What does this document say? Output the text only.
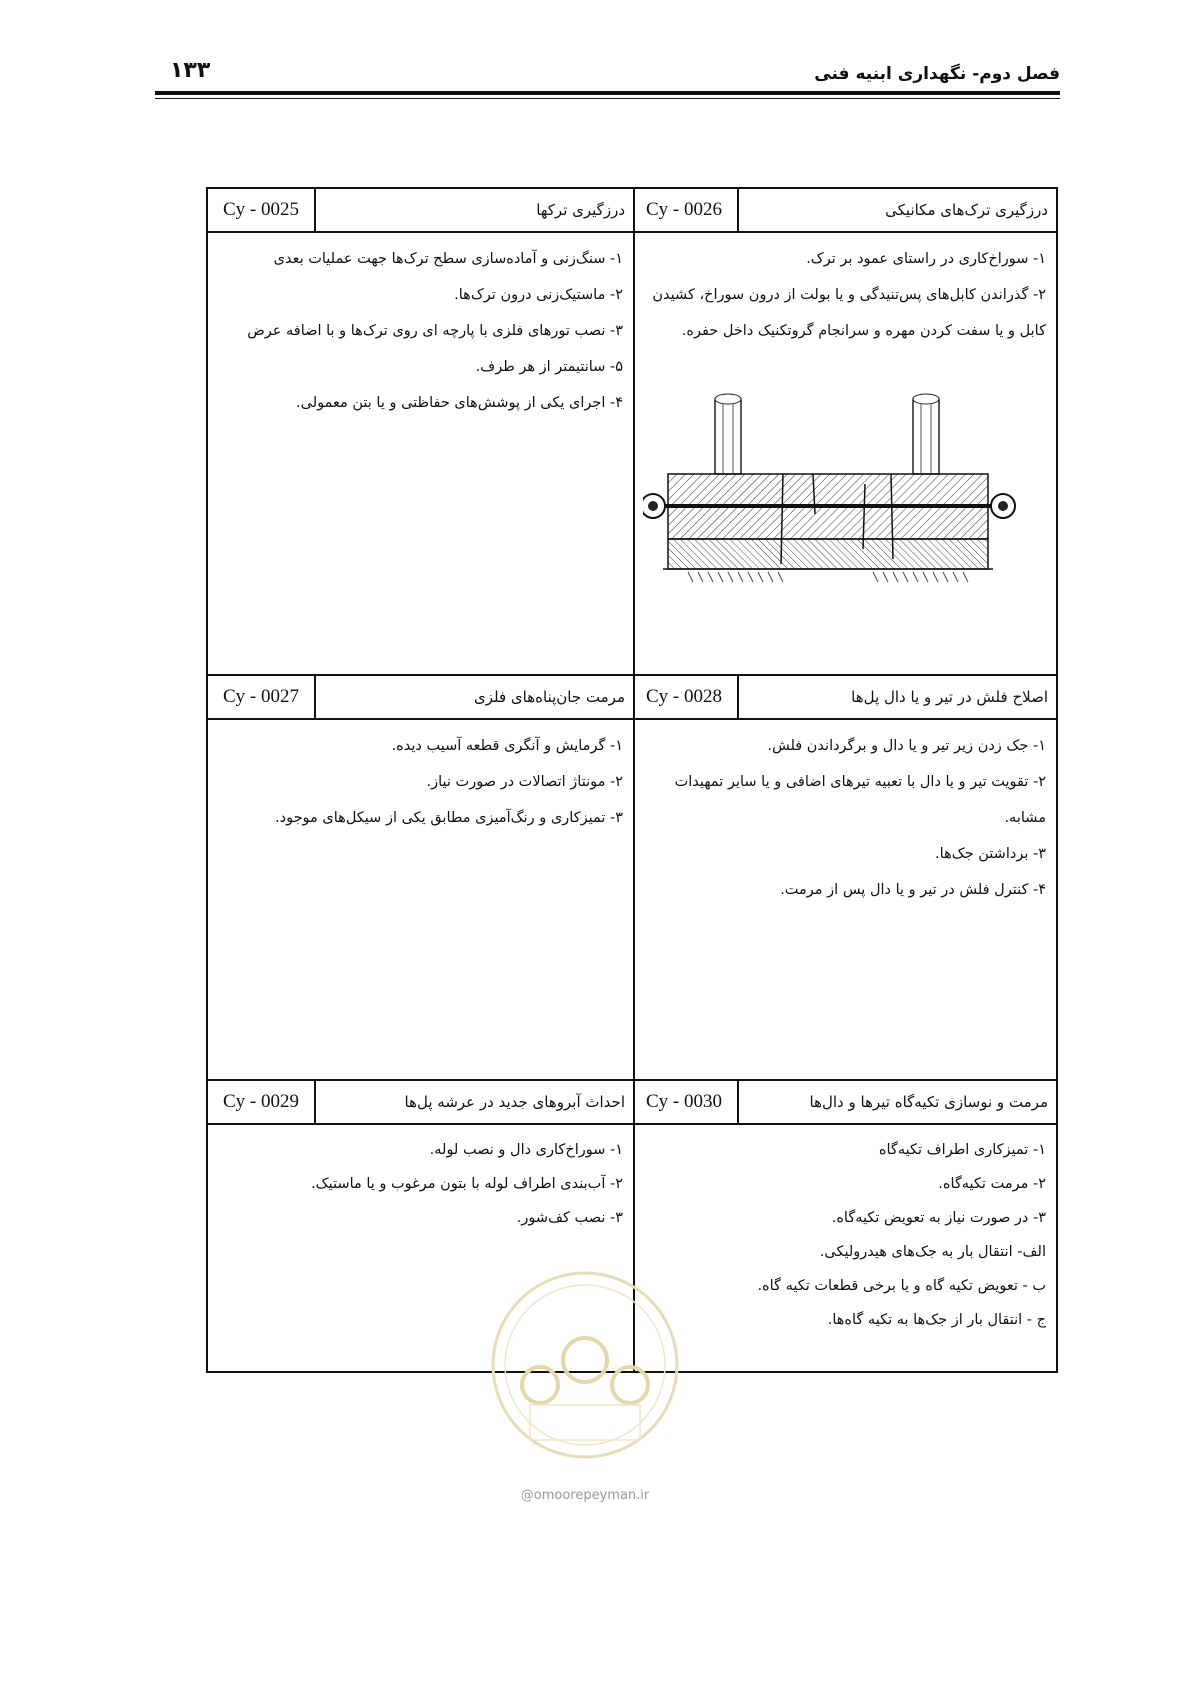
۱۳۳	فصل دوم- نگهداری ابنیه فنی
درزگیری ترک‌های مکانیکی
Cy - 0026
۱- سوراخ‌کاری در راستای عمود بر ترک.
۲- گذراندن کابل‌های پس‌تنیدگی و یا بولت از درون سوراخ، کشیدن کابل و یا سفت کردن مهره و سرانجام گروتکنیک داخل حفره.
درزگیری ترکها
Cy - 0025
۱- سنگ‌زنی و آماده‌سازی سطح ترک‌ها جهت عملیات بعدی
۲- ماستیک‌زنی درون ترک‌ها.
۳- نصب تورهای فلزی با پارچه ای روی ترک‌ها و با اضافه عرض
۵- سانتیمتر از هر طرف.
۴- اجرای یکی از پوشش‌های حفاظتی و یا بتن معمولی.
اصلاح فلش در تیر و یا دال پل‌ها
Cy - 0028
۱- جک زدن زیر تیر و یا دال و برگرداندن فلش.
۲- تقویت تیر و یا دال با تعبیه تیرهای اضافی و یا سایر تمهیدات مشابه.
۳- برداشتن جک‌ها.
۴- کنترل فلش در تیر و یا دال پس از مرمت.
مرمت جان‌پناه‌های فلزی
Cy - 0027
۱- گرمایش و آنگری قطعه آسیب دیده.
۲- مونتاژ اتصالات در صورت نیاز.
۳- تمیزکاری و رنگ‌آمیزی مطابق یکی از سیکل‌های موجود.
مرمت و نوسازی تکیه‌گاه تیرها و دال‌ها
Cy - 0030
۱- تمیزکاری اطراف تکیه‌گاه
۲- مرمت تکیه‌گاه.
۳- در صورت نیاز به تعویض تکیه‌گاه.
الف- انتقال بار به جک‌های هیدرولیکی.
ب - تعویض تکیه گاه و یا برخی قطعات تکیه گاه.
ج - انتقال بار از جک‌ها به تکیه گاه‌ها.
احداث آبروهای جدید در عرشه پل‌ها
Cy - 0029
۱- سوراخ‌کاری دال و نصب لوله.
۲- آب‌بندی اطراف لوله با بتون مرغوب و یا ماستیک.
۳- نصب کف‌شور.
@omoorepeyman.ir
